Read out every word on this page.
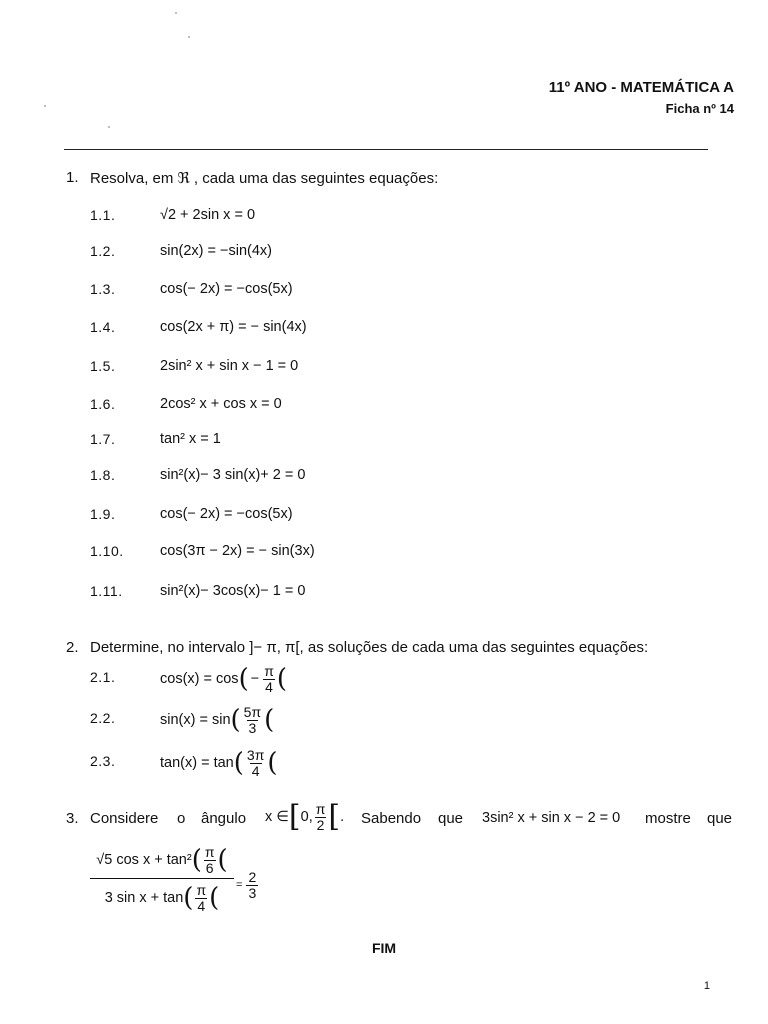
11º ANO - MATEMÁTICA A
Ficha nº 14
1. Resolva, em ℜ , cada uma das seguintes equações:
1.1.	√2 + 2sin x = 0
1.2.	sin(2x) = −sin(4x)
1.3.	cos(− 2x) = −cos(5x)
1.4.	cos(2x + π) = − sin(4x)
1.5.	2sin² x + sin x − 1 = 0
1.6.	2cos² x + cos x = 0
1.7.	tan² x = 1
1.8.	sin²(x)− 3 sin(x)+ 2 = 0
1.9.	cos(− 2x) = −cos(5x)
1.10.	cos(3π − 2x) = − sin(3x)
1.11.	sin²(x)− 3cos(x)− 1 = 0
2. Determine, no intervalo ]− π, π[, as soluções de cada uma das seguintes equações:
2.1.	cos(x) = cos ( − $\frac{\pi}{4}$ (
2.2.	sin(x) = sin ( $\frac{5\pi}{3}$ (
2.3.	tan(x) = tan ( $\frac{3\pi}{4}$ (
3. Considere o ângulo x ∈ [ 0, $\frac{\pi}{2}$ [ . Sabendo que 3sin² x + sin x − 2 = 0 mostre que
√5 cos x + tan² ( $\frac{\pi}{6}$ (
3 sin x + tan ( $\frac{\pi}{4}$ ( = $\frac{2}{3}$
FIM
1
